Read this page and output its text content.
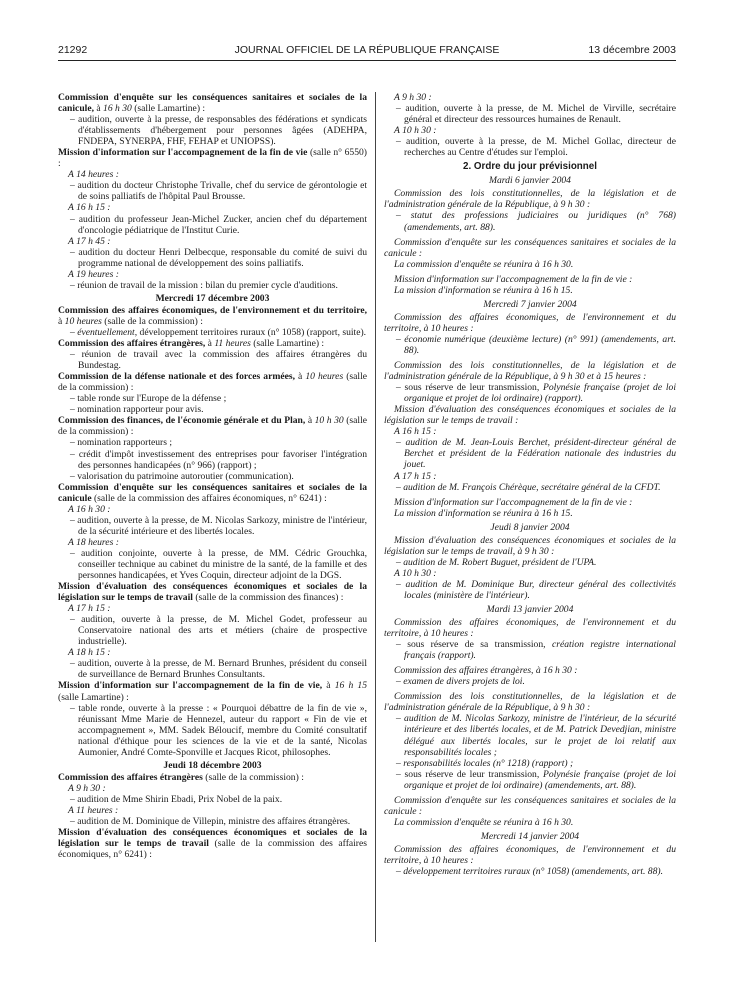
21292	JOURNAL OFFICIEL DE LA RÉPUBLIQUE FRANÇAISE	13 décembre 2003

Commission d'enquête sur les conséquences sanitaires et sociales de la canicule, à 16 h 30 (salle Lamartine) :

– audition, ouverte à la presse, de responsables des fédérations et syndicats d'établissements d'hébergement pour personnes âgées (ADEHPA, FNDEPA, SYNERPA, FHF, FEHAP et UNIOPSS).

Mission d'information sur l'accompagnement de la fin de vie (salle n° 6550) :

A 14 heures :

– audition du docteur Christophe Trivalle, chef du service de gérontologie et de soins palliatifs de l'hôpital Paul Brousse.

A 16 h 15 :

– audition du professeur Jean-Michel Zucker, ancien chef du département d'oncologie pédiatrique de l'Institut Curie.

A 17 h 45 :

– audition du docteur Henri Delbecque, responsable du comité de suivi du programme national de développement des soins palliatifs.

A 19 heures :

– réunion de travail de la mission : bilan du premier cycle d'auditions.

Mercredi 17 décembre 2003

Commission des affaires économiques, de l'environnement et du territoire, à 10 heures (salle de la commission) :

– éventuellement, développement territoires ruraux (n° 1058) (rapport, suite).

Commission des affaires étrangères, à 11 heures (salle Lamartine) :

– réunion de travail avec la commission des affaires étrangères du Bundestag.

Commission de la défense nationale et des forces armées, à 10 heures (salle de la commission) :

– table ronde sur l'Europe de la défense ;

– nomination rapporteur pour avis.

Commission des finances, de l'économie générale et du Plan, à 10 h 30 (salle de la commission) :

– nomination rapporteurs ;

– crédit d'impôt investissement des entreprises pour favoriser l'intégration des personnes handicapées (n° 966) (rapport) ;

– valorisation du patrimoine autoroutier (communication).

Commission d'enquête sur les conséquences sanitaires et sociales de la canicule (salle de la commission des affaires économiques, n° 6241) :

A 16 h 30 :

– audition, ouverte à la presse, de M. Nicolas Sarkozy, ministre de l'intérieur, de la sécurité intérieure et des libertés locales.

A 18 heures :

– audition conjointe, ouverte à la presse, de MM. Cédric Grouchka, conseiller technique au cabinet du ministre de la santé, de la famille et des personnes handicapées, et Yves Coquin, directeur adjoint de la DGS.

Mission d'évaluation des conséquences économiques et sociales de la législation sur le temps de travail (salle de la commission des finances) :

A 17 h 15 :

– audition, ouverte à la presse, de M. Michel Godet, professeur au Conservatoire national des arts et métiers (chaire de prospective industrielle).

A 18 h 15 :

– audition, ouverte à la presse, de M. Bernard Brunhes, président du conseil de surveillance de Bernard Brunhes Consultants.

Mission d'information sur l'accompagnement de la fin de vie, à 16 h 15 (salle Lamartine) :

– table ronde, ouverte à la presse : « Pourquoi débattre de la fin de vie », réunissant Mme Marie de Hennezel, auteur du rapport « Fin de vie et accompagnement », MM. Sadek Béloucif, membre du Comité consultatif national d'éthique pour les sciences de la vie et de la santé, Nicolas Aumonier, André Comte-Sponville et Jacques Ricot, philosophes.

Jeudi 18 décembre 2003

Commission des affaires étrangères (salle de la commission) :

A 9 h 30 :

– audition de Mme Shirin Ebadi, Prix Nobel de la paix.

A 11 heures :

– audition de M. Dominique de Villepin, ministre des affaires étrangères.

Mission d'évaluation des conséquences économiques et sociales de la législation sur le temps de travail (salle de la commission des affaires économiques, n° 6241) :

A 9 h 30 :

– audition, ouverte à la presse, de M. Michel de Virville, secrétaire général et directeur des ressources humaines de Renault.

A 10 h 30 :

– audition, ouverte à la presse, de M. Michel Gollac, directeur de recherches au Centre d'études sur l'emploi.

2. Ordre du jour prévisionnel

Mardi 6 janvier 2004

Commission des lois constitutionnelles, de la législation et de l'administration générale de la République, à 9 h 30 :

– statut des professions judiciaires ou juridiques (n° 768) (amendements, art. 88).

Commission d'enquête sur les conséquences sanitaires et sociales de la canicule :

La commission d'enquête se réunira à 16 h 30.

Mission d'information sur l'accompagnement de la fin de vie :

La mission d'information se réunira à 16 h 15.

Mercredi 7 janvier 2004

Commission des affaires économiques, de l'environnement et du territoire, à 10 heures :

– économie numérique (deuxième lecture) (n° 991) (amendements, art. 88).

Commission des lois constitutionnelles, de la législation et de l'administration générale de la République, à 9 h 30 et à 15 heures :

– sous réserve de leur transmission, Polynésie française (projet de loi organique et projet de loi ordinaire) (rapport).

Mission d'évaluation des conséquences économiques et sociales de la législation sur le temps de travail :

A 16 h 15 :

– audition de M. Jean-Louis Berchet, président-directeur général de Berchet et président de la Fédération nationale des industries du jouet.

A 17 h 15 :

– audition de M. François Chérèque, secrétaire général de la CFDT.

Mission d'information sur l'accompagnement de la fin de vie :

La mission d'information se réunira à 16 h 15.

Jeudi 8 janvier 2004

Mission d'évaluation des conséquences économiques et sociales de la législation sur le temps de travail, à 9 h 30 :

– audition de M. Robert Buguet, président de l'UPA.

A 10 h 30 :

– audition de M. Dominique Bur, directeur général des collectivités locales (ministère de l'intérieur).

Mardi 13 janvier 2004

Commission des affaires économiques, de l'environnement et du territoire, à 10 heures :

– sous réserve de sa transmission, création registre international français (rapport).

Commission des affaires étrangères, à 16 h 30 :

– examen de divers projets de loi.

Commission des lois constitutionnelles, de la législation et de l'administration générale de la République, à 9 h 30 :

– audition de M. Nicolas Sarkozy, ministre de l'intérieur, de la sécurité intérieure et des libertés locales, et de M. Patrick Devedjian, ministre délégué aux libertés locales, sur le projet de loi relatif aux responsabilités locales ;

– responsabilités locales (n° 1218) (rapport) ;

– sous réserve de leur transmission, Polynésie française (projet de loi organique et projet de loi ordinaire) (amendements, art. 88).

Commission d'enquête sur les conséquences sanitaires et sociales de la canicule :

La commission d'enquête se réunira à 16 h 30.

Mercredi 14 janvier 2004

Commission des affaires économiques, de l'environnement et du territoire, à 10 heures :

– développement territoires ruraux (n° 1058) (amendements, art. 88).
